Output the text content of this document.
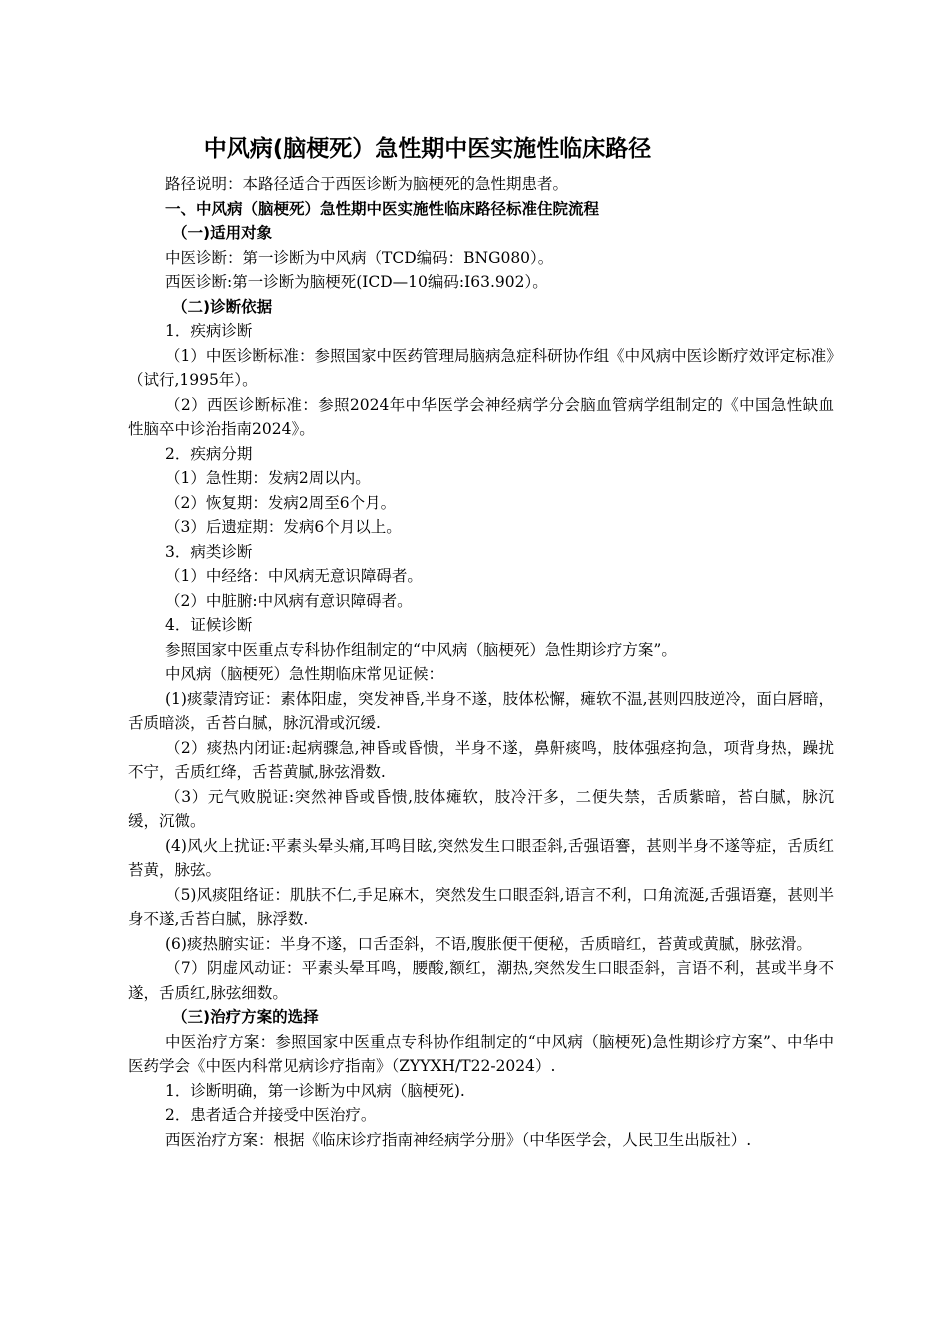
中风病(脑梗死）急性期中医实施性临床路径
路径说明：本路径适合于西医诊断为脑梗死的急性期患者。
一、中风病（脑梗死）急性期中医实施性临床路径标准住院流程
（一)适用对象
中医诊断：第一诊断为中风病（TCD编码：BNG080）。
西医诊断:第一诊断为脑梗死(ICD—10编码:I63.902）。
（二)诊断依据
1．疾病诊断
（1）中医诊断标准：参照国家中医药管理局脑病急症科研协作组《中风病中医诊断疗效评定标准》（试行,1995年）。
（2）西医诊断标准：参照2024年中华医学会神经病学分会脑血管病学组制定的《中国急性缺血性脑卒中诊治指南2024》。
2．疾病分期
（1）急性期：发病2周以内。
（2）恢复期：发病2周至6个月。
（3）后遗症期：发病6个月以上。
3．病类诊断
（1）中经络：中风病无意识障碍者。
（2）中脏腑:中风病有意识障碍者。
4．证候诊断
参照国家中医重点专科协作组制定的“中风病（脑梗死）急性期诊疗方案”。
中风病（脑梗死）急性期临床常见证候：
(1)痰蒙清窍证：素体阳虚，突发神昏,半身不遂，肢体松懈，瘫软不温,甚则四肢逆冷，面白唇暗，舌质暗淡，舌苔白腻，脉沉滑或沉缓.
（2）痰热内闭证:起病骤急,神昏或昏愦，半身不遂，鼻鼾痰鸣，肢体强痉拘急，项背身热，躁扰不宁，舌质红绛，舌苔黄腻,脉弦滑数.
（3）元气败脱证:突然神昏或昏愦,肢体瘫软，肢冷汗多，二便失禁，舌质紫暗，苔白腻，脉沉缓，沉微。
(4)风火上扰证:平素头晕头痛,耳鸣目眩,突然发生口眼歪斜,舌强语謇，甚则半身不遂等症，舌质红苔黄，脉弦。
（5)风痰阻络证：肌肤不仁,手足麻木，突然发生口眼歪斜,语言不利，口角流涎,舌强语蹇，甚则半身不遂,舌苔白腻，脉浮数.
(6)痰热腑实证：半身不遂，口舌歪斜，不语,腹胀便干便秘，舌质暗红，苔黄或黄腻，脉弦滑。
（7）阴虚风动证：平素头晕耳鸣，腰酸,额红，潮热,突然发生口眼歪斜，言语不利，甚或半身不遂，舌质红,脉弦细数。
（三)治疗方案的选择
中医治疗方案：参照国家中医重点专科协作组制定的“中风病（脑梗死)急性期诊疗方案”、中华中医药学会《中医内科常见病诊疗指南》（ZYYXH/T22-2024）.
1．诊断明确，第一诊断为中风病（脑梗死).
2．患者适合并接受中医治疗。
西医治疗方案：根据《临床诊疗指南神经病学分册》（中华医学会，人民卫生出版社）.
